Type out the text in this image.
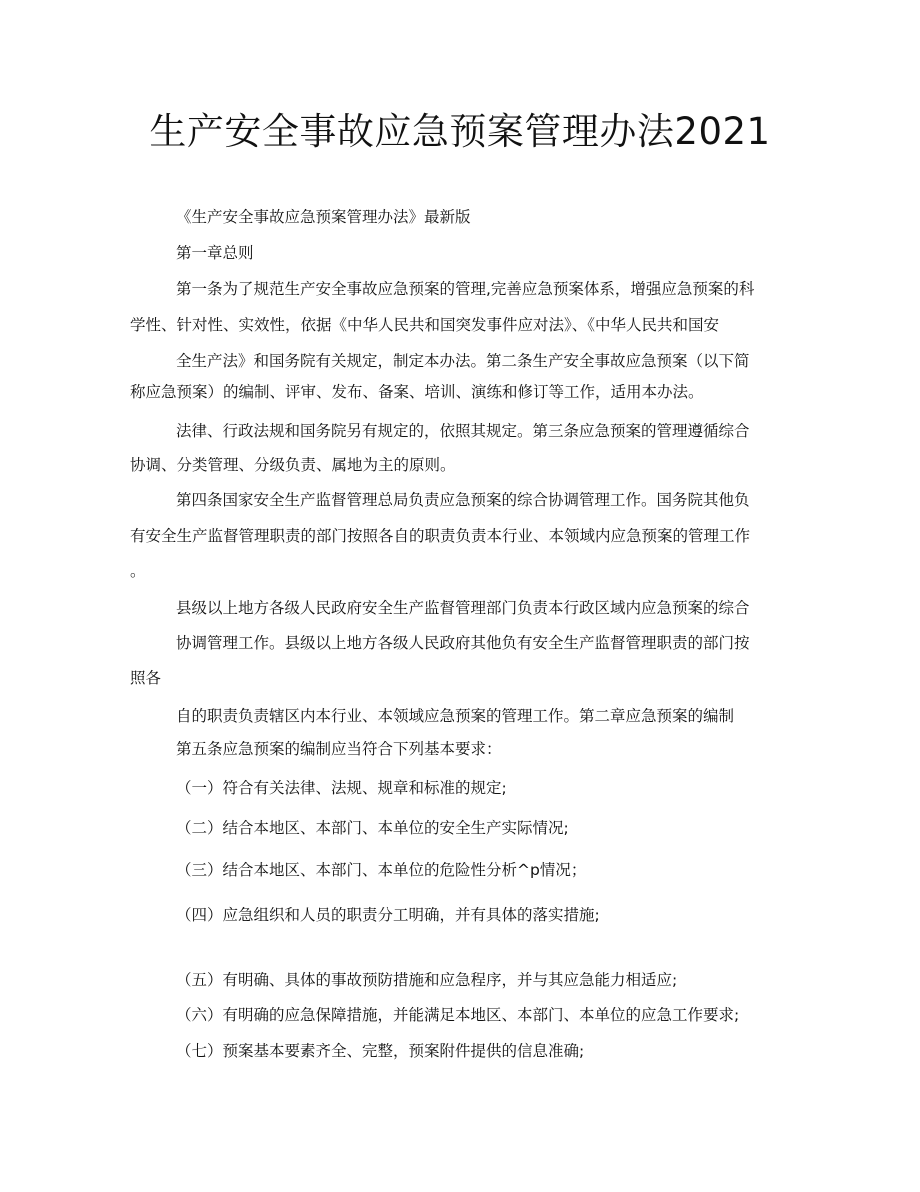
生产安全事故应急预案管理办法2021

《生产安全事故应急预案管理办法》最新版

第一章总则

第一条为了规范生产安全事故应急预案的管理,完善应急预案体系，增强应急预案的科

学性、针对性、实效性，依据《中华人民共和国突发事件应对法》、《中华人民共和国安

全生产法》和国务院有关规定，制定本办法。第二条生产安全事故应急预案（以下简

称应急预案）的编制、评审、发布、备案、培训、演练和修订等工作，适用本办法。

法律、行政法规和国务院另有规定的，依照其规定。第三条应急预案的管理遵循综合

协调、分类管理、分级负责、属地为主的原则。

第四条国家安全生产监督管理总局负责应急预案的综合协调管理工作。国务院其他负

有安全生产监督管理职责的部门按照各自的职责负责本行业、本领域内应急预案的管理工作

。

县级以上地方各级人民政府安全生产监督管理部门负责本行政区域内应急预案的综合

协调管理工作。县级以上地方各级人民政府其他负有安全生产监督管理职责的部门按

照各

自的职责负责辖区内本行业、本领域应急预案的管理工作。第二章应急预案的编制

第五条应急预案的编制应当符合下列基本要求：

（一）符合有关法律、法规、规章和标准的规定;

（二）结合本地区、本部门、本单位的安全生产实际情况;

（三）结合本地区、本部门、本单位的危险性分析^p情况；

（四）应急组织和人员的职责分工明确，并有具体的落实措施;

（五）有明确、具体的事故预防措施和应急程序，并与其应急能力相适应;

（六）有明确的应急保障措施，并能满足本地区、本部门、本单位的应急工作要求;

（七）预案基本要素齐全、完整，预案附件提供的信息准确;
